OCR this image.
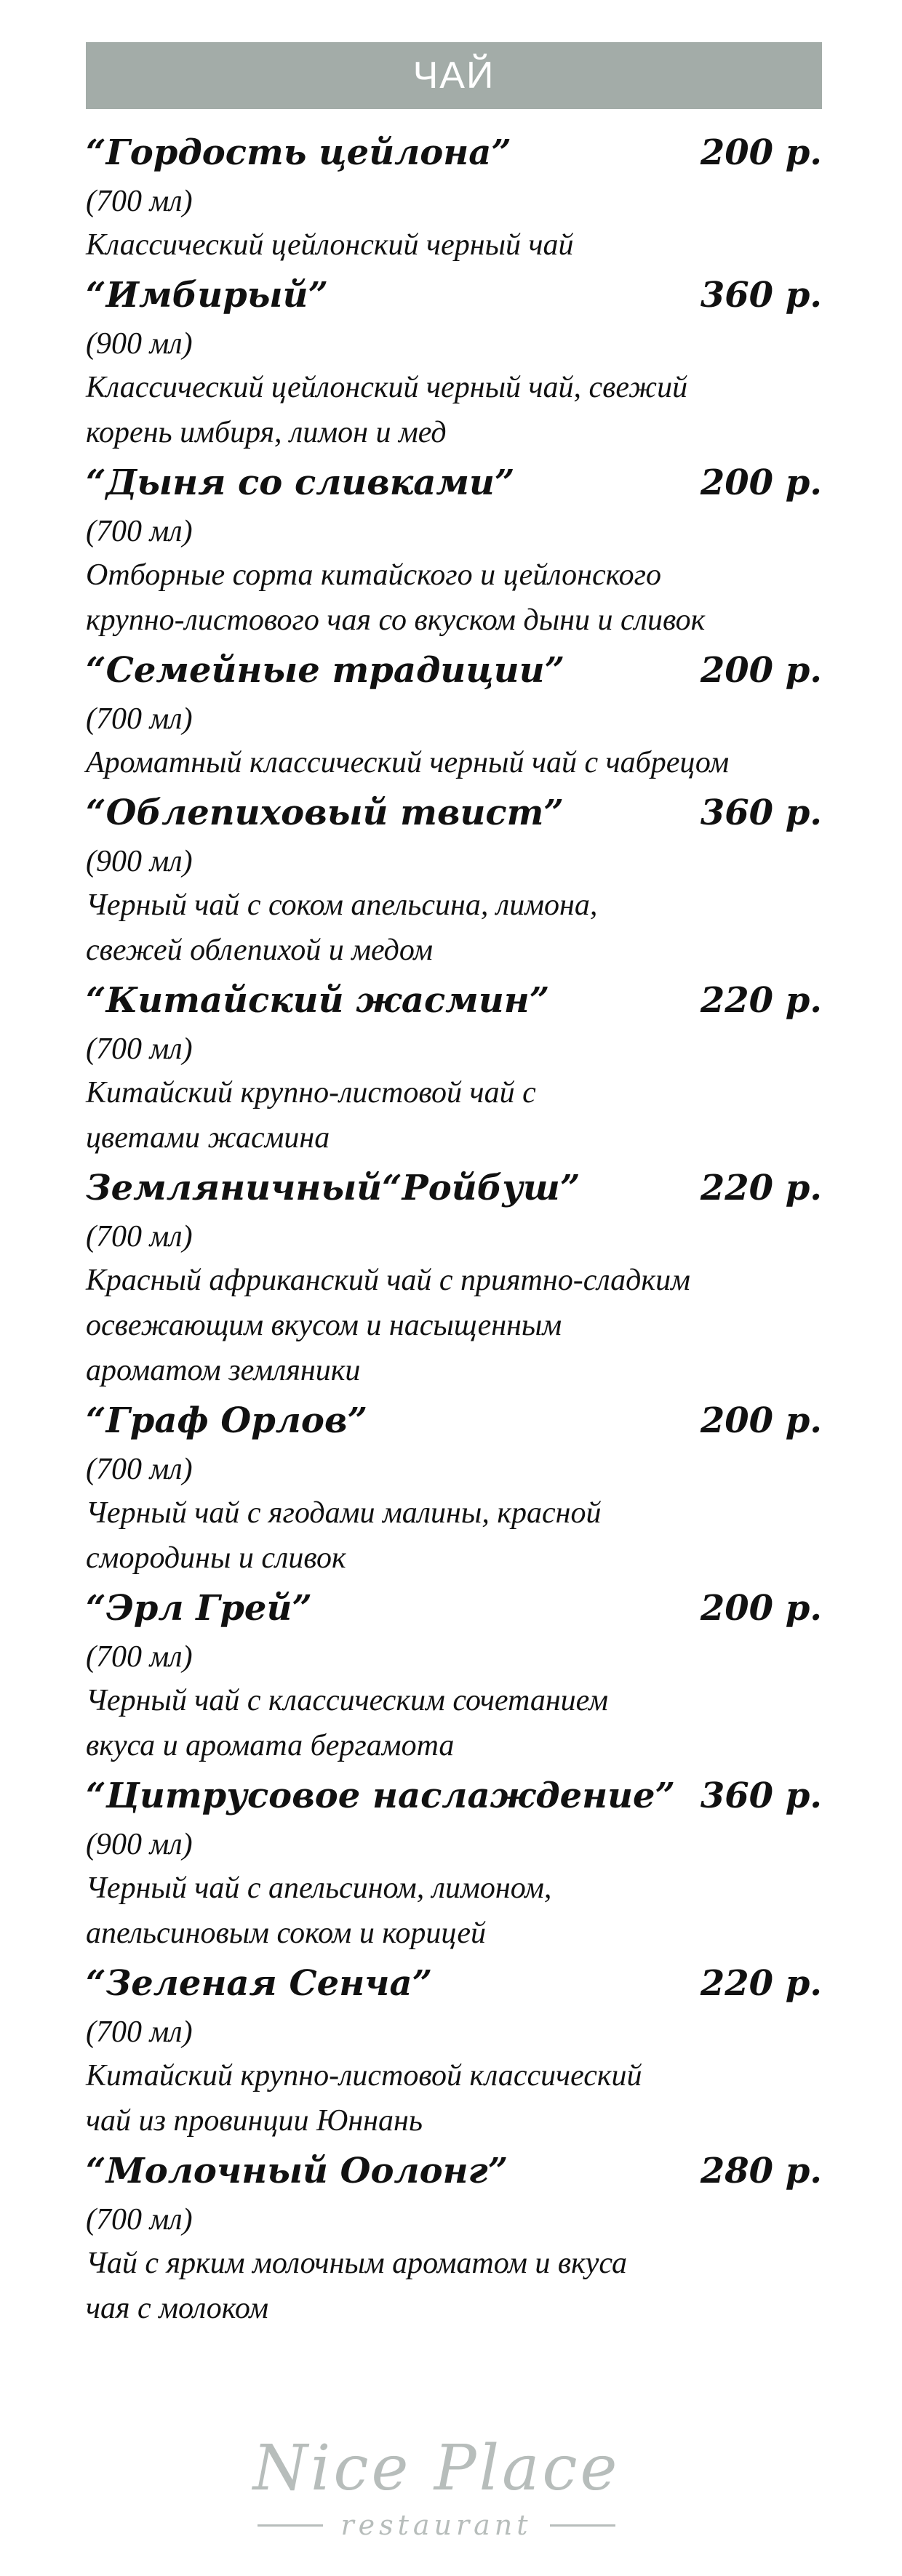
ЧАЙ
“Гордость цейлона”	200 р.
(700 мл)
Классический цейлонский черный чай
“Имбирый”	360 р.
(900 мл)
Классический цейлонский черный чай, свежий
корень имбиря, лимон и мед
“Дыня со сливками”	200 р.
(700 мл)
Отборные сорта китайского и цейлонского
крупно-листового чая со вкуском дыни и сливок
“Семейные традиции”	200 р.
(700 мл)
Ароматный классический черный чай с чабрецом
“Облепиховый твист”	360 р.
(900 мл)
Черный чай с соком апельсина, лимона,
свежей облепихой и медом
“Китайский жасмин”	220 р.
(700 мл)
Китайский крупно-листовой чай с
цветами жасмина
Земляничный“Ройбуш”	220 р.
(700 мл)
Красный африканский чай с приятно-сладким
освежающим вкусом и насыщенным
ароматом земляники
“Граф Орлов”	200 р.
(700 мл)
Черный чай с ягодами малины, красной
смородины и сливок
“Эрл Грей”	200 р.
(700 мл)
Черный чай с классическим сочетанием
вкуса и аромата бергамота
“Цитрусовое наслаждение” 360 р.
(900 мл)
Черный чай с апельсином, лимоном,
апельсиновым соком и корицей
“Зеленая Сенча”	220 р.
(700 мл)
Китайский крупно-листовой классический
чай из провинции Юннань
“Молочный Оолонг”	280 р.
(700 мл)
Чай с ярким молочным ароматом и вкуса
чая с молоком
Nice Place
restaurant
